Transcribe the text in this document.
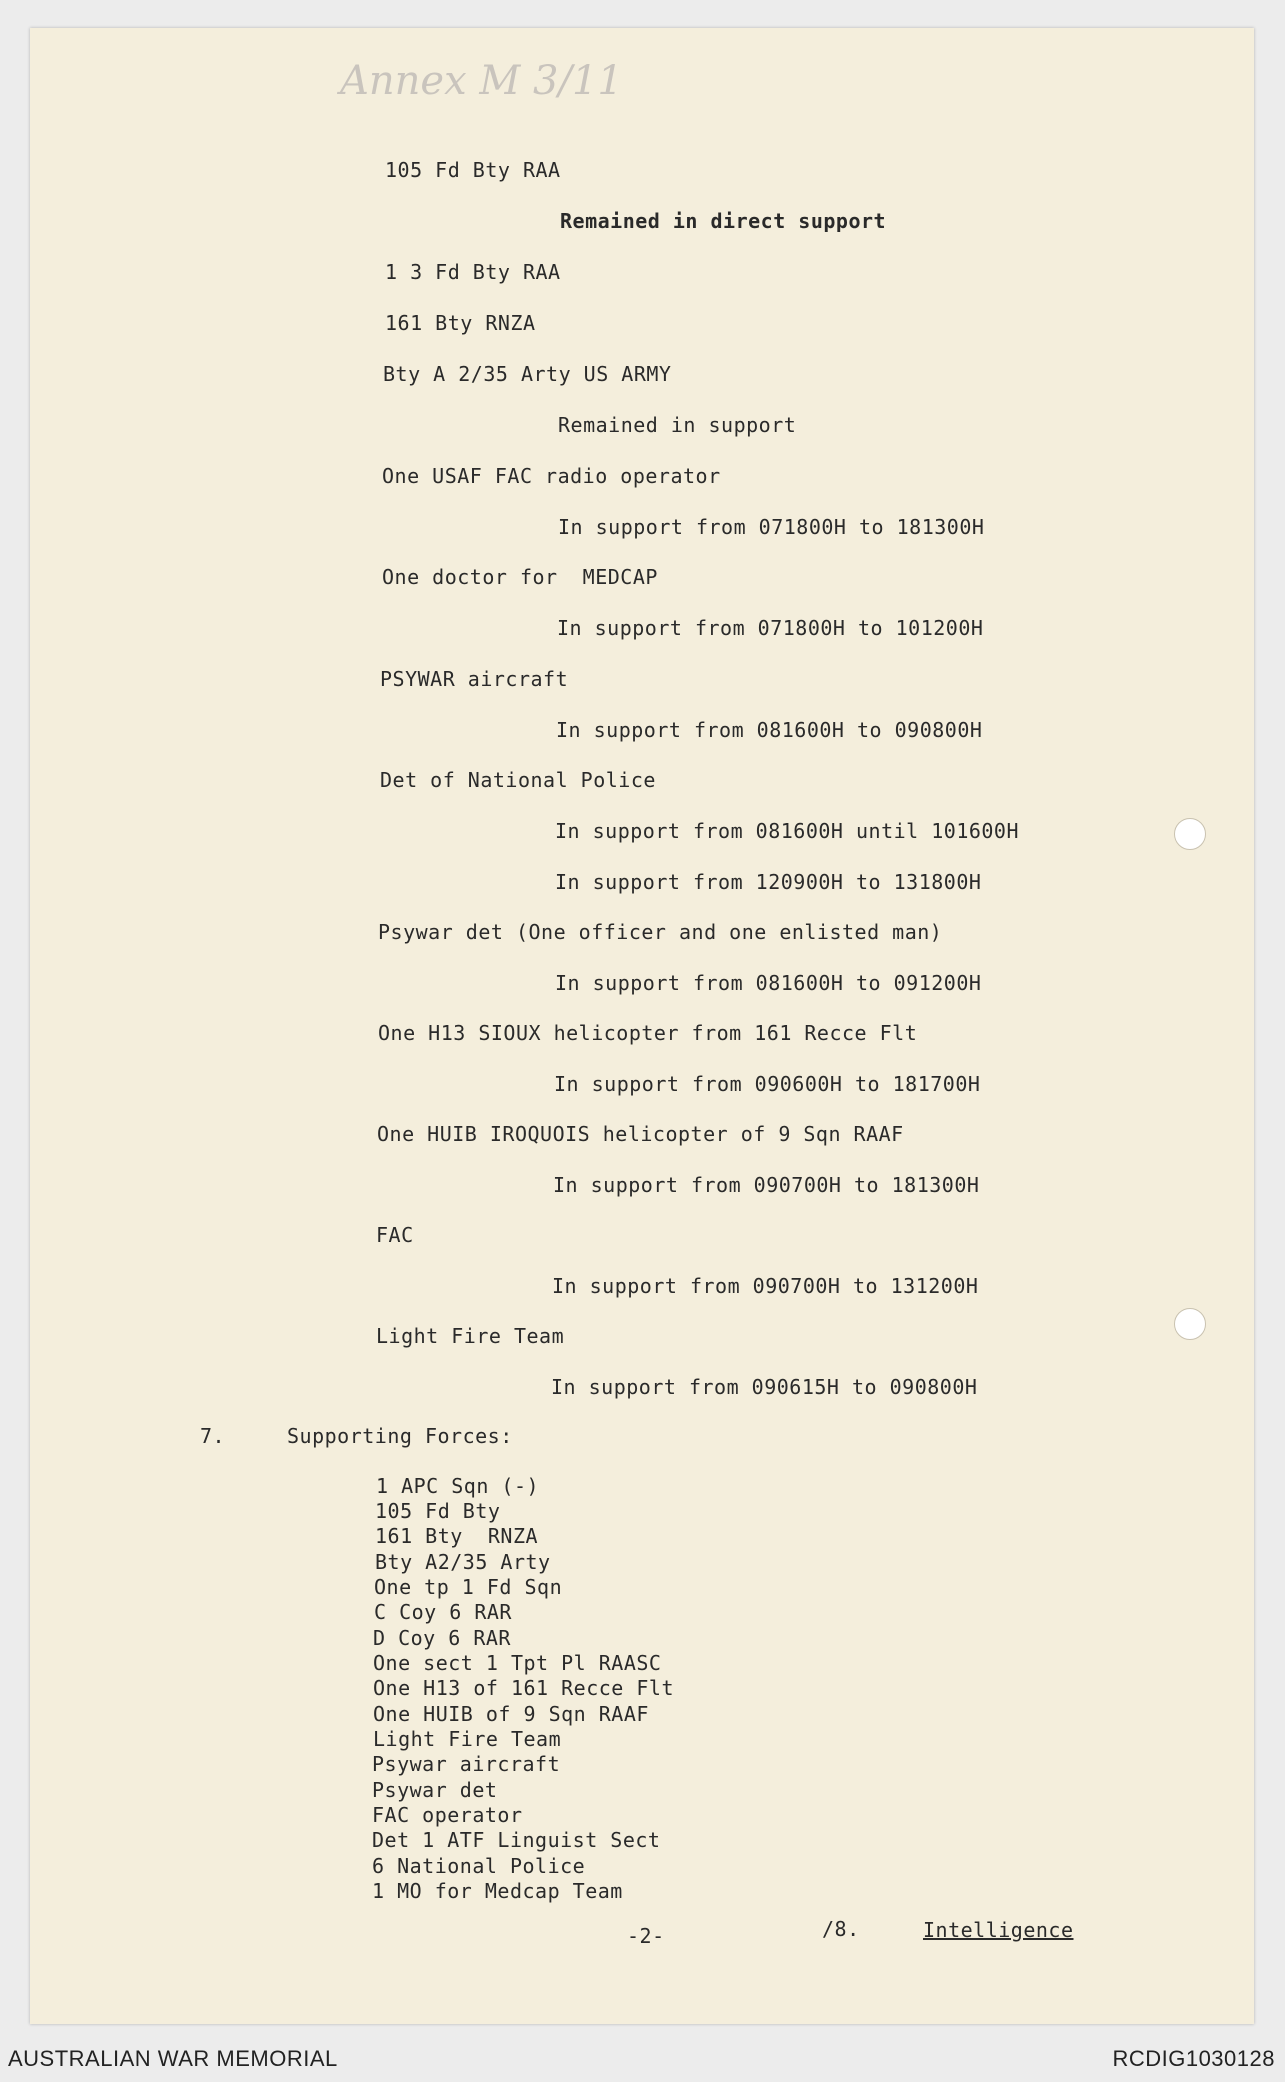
Annex M 3/11
105 Fd Bty RAA
Remained in direct support
1 3 Fd Bty RAA
161 Bty RNZA
Bty A 2/35 Arty US ARMY
Remained in support
One USAF FAC radio operator
In support from 071800H to 181300H
One doctor for  MEDCAP
In support from 071800H to 101200H
PSYWAR aircraft
In support from 081600H to 090800H
Det of National Police
In support from 081600H until 101600H
In support from 120900H to 131800H
Psywar det (One officer and one enlisted man)
In support from 081600H to 091200H
One H13 SIOUX helicopter from 161 Recce Flt
In support from 090600H to 181700H
One HUIB IROQUOIS helicopter of 9 Sqn RAAF
In support from 090700H to 181300H
FAC
In support from 090700H to 131200H
Light Fire Team
In support from 090615H to 090800H
7.	Supporting Forces:
1 APC Sqn (-)
105 Fd Bty
161 Bty  RNZA
Bty A2/35 Arty
One tp 1 Fd Sqn
C Coy 6 RAR
D Coy 6 RAR
One sect 1 Tpt Pl RAASC
One H13 of 161 Recce Flt
One HUIB of 9 Sqn RAAF
Light Fire Team
Psywar aircraft
Psywar det
FAC operator
Det 1 ATF Linguist Sect
6 National Police
1 MO for Medcap Team
-2-	/8.	Intelligence
AUSTRALIAN WAR MEMORIAL	RCDIG1030128
